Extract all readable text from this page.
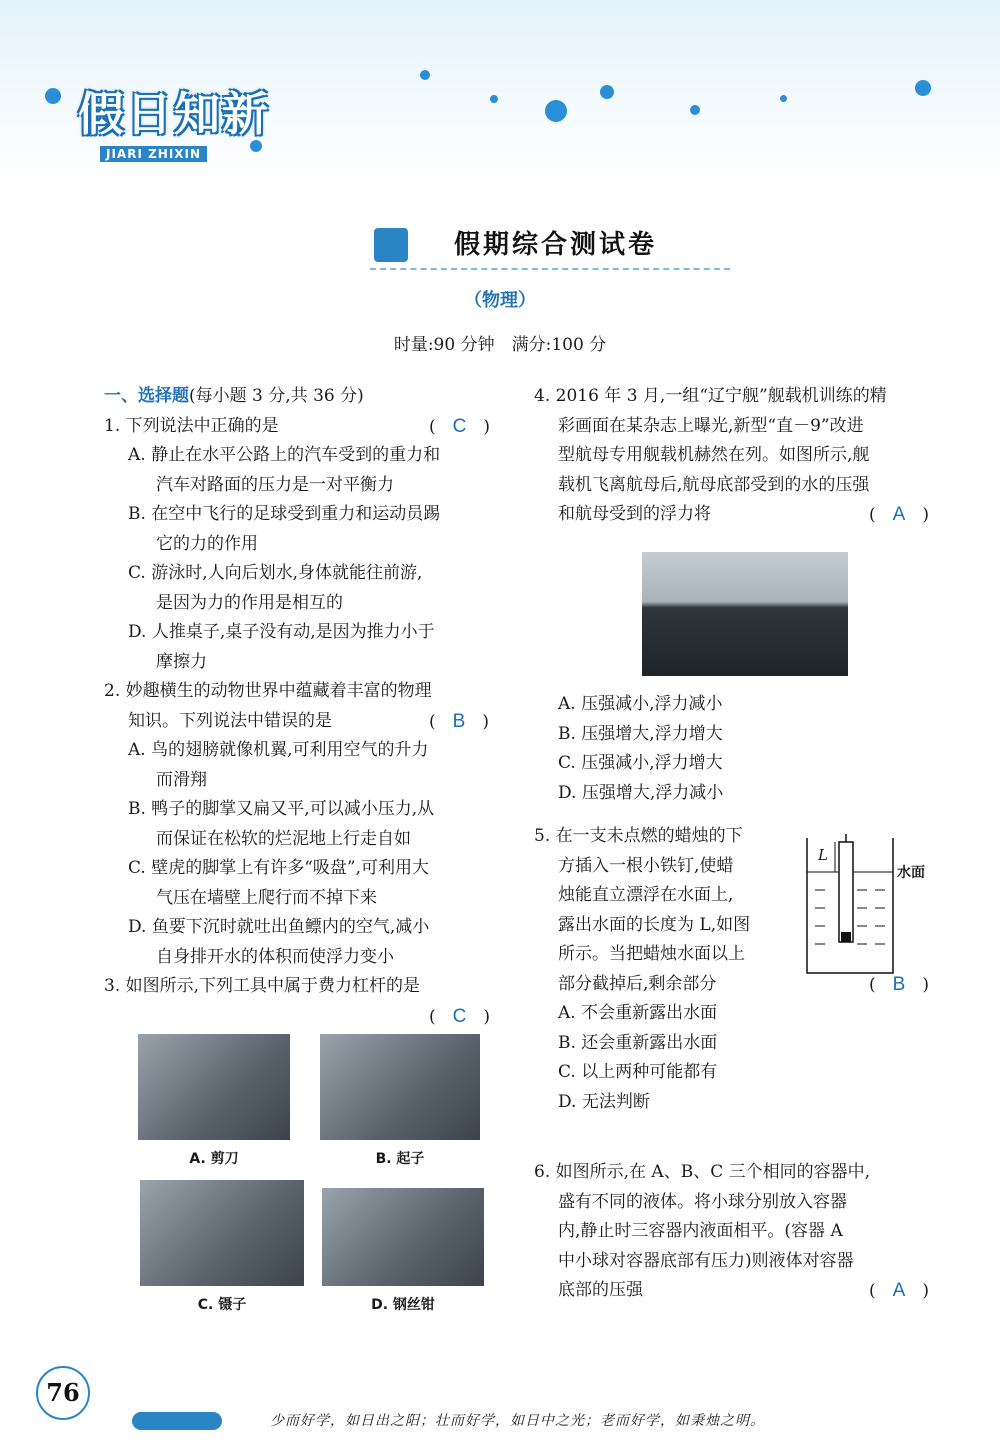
假日知新
JIARI ZHIXIN
假期综合测试卷
（物理）
时量:90 分钟　满分:100 分

一、选择题(每小题 3 分,共 36 分)

1. 下列说法中正确的是	(　C　)

A. 静止在水平公路上的汽车受到的重力和

汽车对路面的压力是一对平衡力

B. 在空中飞行的足球受到重力和运动员踢

它的力的作用

C. 游泳时,人向后划水,身体就能往前游,

是因为力的作用是相互的

D. 人推桌子,桌子没有动,是因为推力小于

摩擦力

2. 妙趣横生的动物世界中蕴藏着丰富的物理

知识。下列说法中错误的是	(　B　)

A. 鸟的翅膀就像机翼,可利用空气的升力

而滑翔

B. 鸭子的脚掌又扁又平,可以减小压力,从

而保证在松软的烂泥地上行走自如

C. 壁虎的脚掌上有许多“吸盘”,可利用大

气压在墙壁上爬行而不掉下来

D. 鱼要下沉时就吐出鱼鳔内的空气,减小

自身排开水的体积而使浮力变小

3. 如图所示,下列工具中属于费力杠杆的是

(　C　)

A. 剪刀	B. 起子
C. 镊子	D. 钢丝钳

4. 2016 年 3 月,一组“辽宁舰”舰载机训练的精

彩画面在某杂志上曝光,新型“直－9”改进

型航母专用舰载机赫然在列。如图所示,舰

载机飞离航母后,航母底部受到的水的压强

和航母受到的浮力将	(　A　)

A. 压强减小,浮力减小

B. 压强增大,浮力增大

C. 压强减小,浮力增大

D. 压强增大,浮力减小

5. 在一支未点燃的蜡烛的下

方插入一根小铁钉,使蜡

烛能直立漂浮在水面上,

露出水面的长度为 L,如图

所示。当把蜡烛水面以上

部分截掉后,剩余部分	(　B　)

A. 不会重新露出水面

B. 还会重新露出水面

C. 以上两种可能都有

D. 无法判断

L
水面

6. 如图所示,在 A、B、C 三个相同的容器中,

盛有不同的液体。将小球分别放入容器

内,静止时三容器内液面相平。(容器 A

中小球对容器底部有压力)则液体对容器

底部的压强	(　A　)

76
少而好学，如日出之阳；壮而好学，如日中之光；老而好学，如秉烛之明。
